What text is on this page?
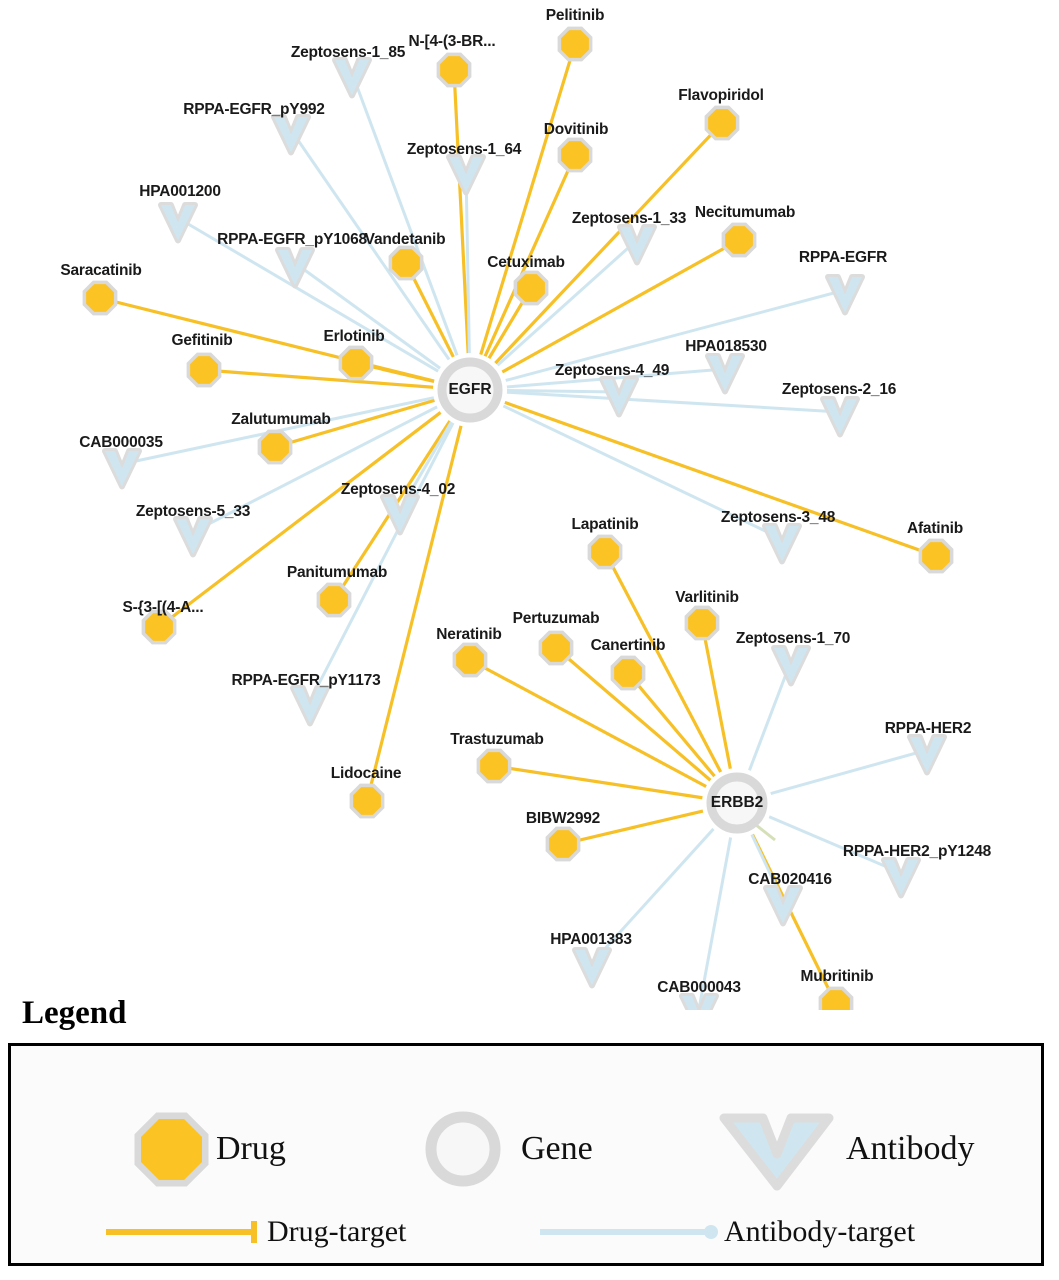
Pelitinib
N-[4-(3-BR...
Flavopiridol
Dovitinib
Necitumumab
Vandetanib
Cetuximab
Saracatinib
Erlotinib
Gefitinib
Zalutumumab
Afatinib
Lapatinib
Panitumumab
Varlitinib
S-{3-[(4-A...
Neratinib
Pertuzumab
Canertinib
Trastuzumab
Lidocaine
BIBW2992
Mubritinib
Zeptosens-1_85
RPPA-EGFR_pY992
Zeptosens-1_64
HPA001200
Zeptosens-1_33
RPPA-EGFR_pY1068
RPPA-EGFR
HPA018530
Zeptosens-4_49
Zeptosens-2_16
CAB000035
Zeptosens-4_02
Zeptosens-5_33	Zeptosens-3_48
Zeptosens-1_70
RPPA-EGFR_pY1173
RPPA-HER2
RPPA-HER2_pY1248
CAB020416
HPA001383
CAB000043
EGFR
ERBB2
Legend
Drug	Gene	Antibody
Drug-target	Antibody-target
